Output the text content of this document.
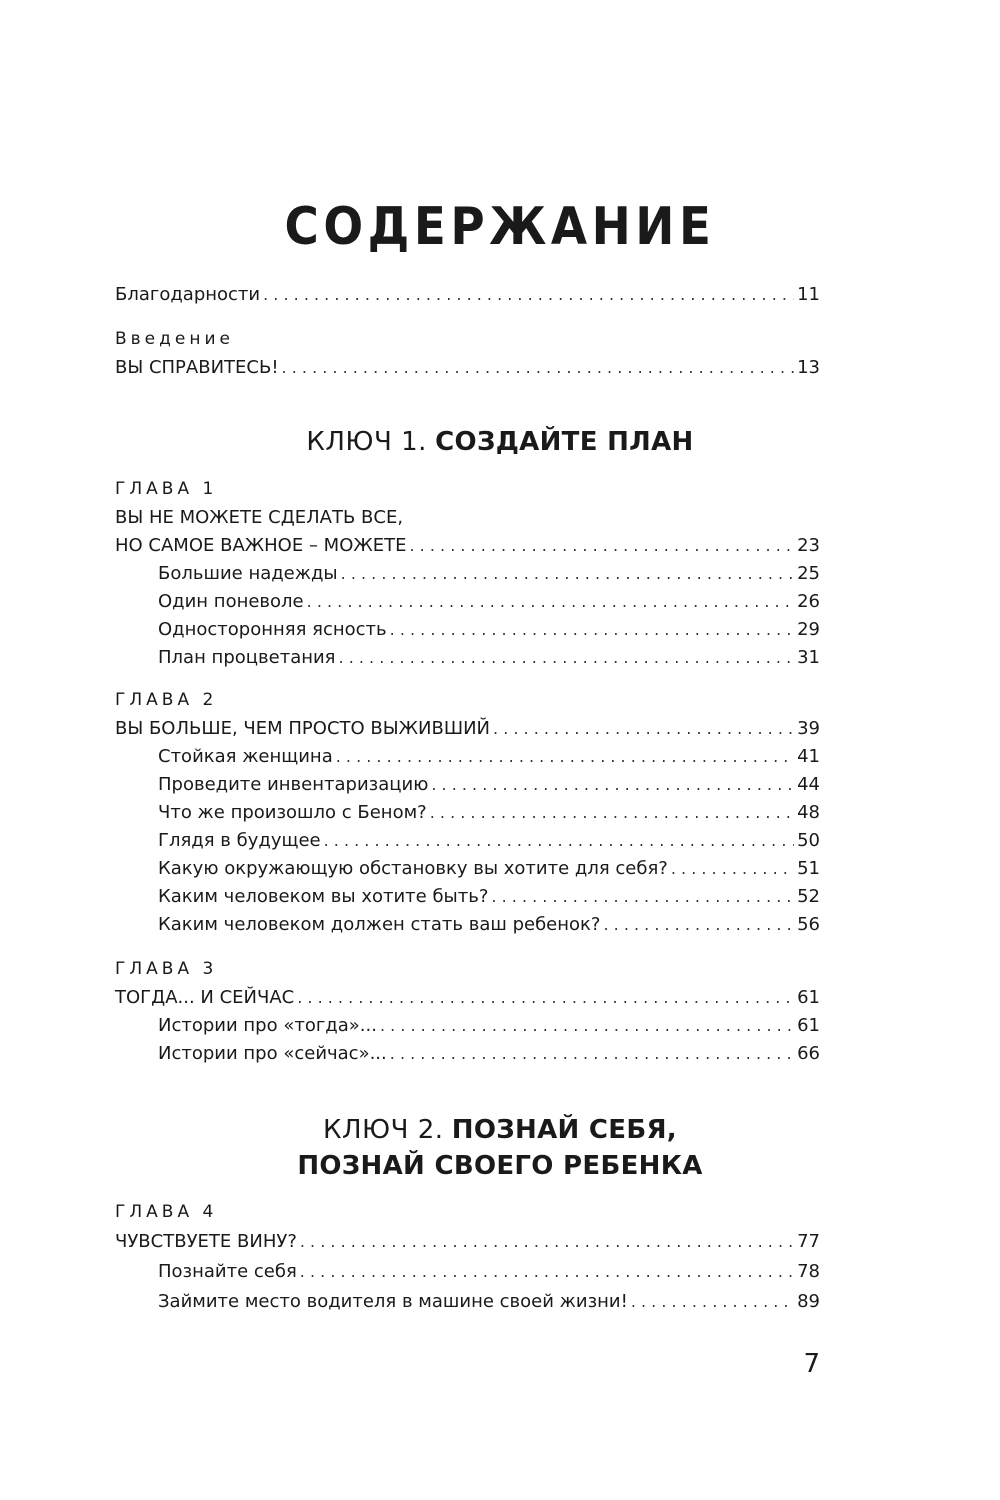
СОДЕРЖАНИЕ
Благодарности . . .	11
Введение
ВЫ СПРАВИТЕСЬ! . . .	13
КЛЮЧ 1. СОЗДАЙТЕ ПЛАН
ГЛАВА 1
ВЫ НЕ МОЖЕТЕ СДЕЛАТЬ ВСЕ,
НО САМОЕ ВАЖНОЕ – МОЖЕТЕ . . .	23
Большие надежды . . .	25
Один поневоле . . .	26
Односторонняя ясность . . .	29
План процветания . . .	31
ГЛАВА 2
ВЫ БОЛЬШЕ, ЧЕМ ПРОСТО ВЫЖИВШИЙ . . .	39
Стойкая женщина . . .	41
Проведите инвентаризацию . . .	44
Что же произошло с Беном? . . .	48
Глядя в будущее . . .	50
Какую окружающую обстановку вы хотите для себя? . . .	51
Каким человеком вы хотите быть? . . .	52
Каким человеком должен стать ваш ребенок? . . .	56
ГЛАВА 3
ТОГДА... И СЕЙЧАС . . .	61
Истории про «тогда»... . . .	61
Истории про «сейчас»... . . .	66
КЛЮЧ 2. ПОЗНАЙ СЕБЯ,
ПОЗНАЙ СВОЕГО РЕБЕНКА
ГЛАВА 4
ЧУВСТВУЕТЕ ВИНУ? . . .	77
Познайте себя . . .	78
Займите место водителя в машине своей жизни! . . .	89
7
